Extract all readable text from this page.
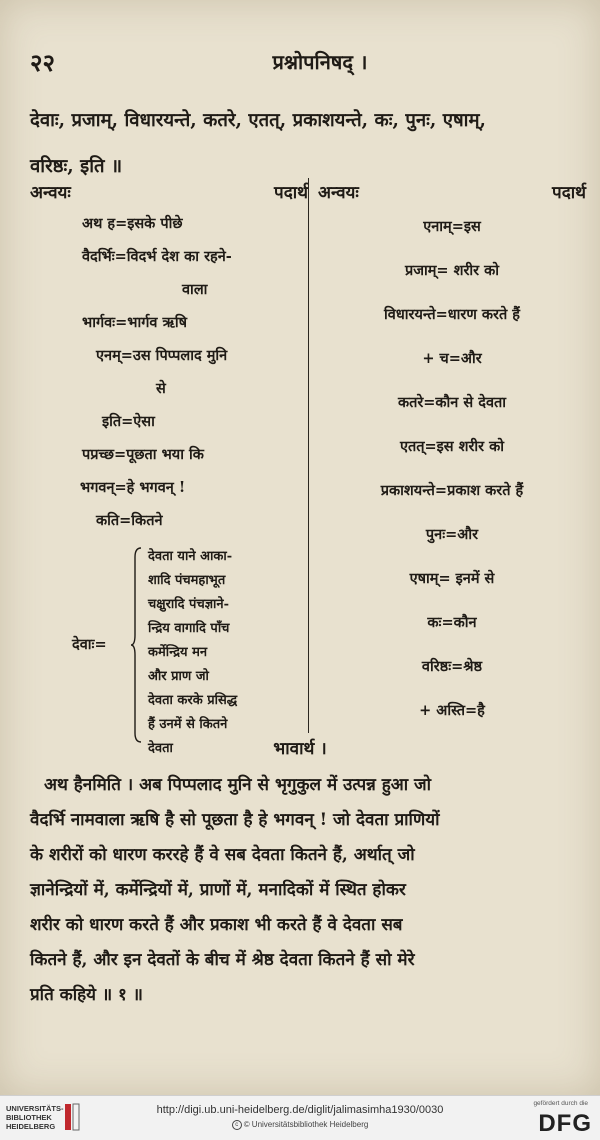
२२	प्रश्नोपनिषद् ।
देवाः, प्रजाम्, विधारयन्ते, कतरे, एतत्, प्रकाशयन्ते, कः, पुनः, एषाम्,
वरिष्ठः, इति ॥
अन्वयः	पदार्थ
अथ ह=इसके पीछे
वैदर्भिः=विदर्भ देश का रहने-
वाला
भार्गवः=भार्गव ऋषि
एनम्=उस पिप्पलाद मुनि
से
इति=ऐसा
पप्रच्छ=पूछता भया कि
भगवन्=हे भगवन् !
कति=कितने
देवाः=
देवता याने आका-
शादि पंचमहाभूत
चक्षुरादि पंचज्ञाने-
न्द्रिय वागादि पाँच
कर्मेन्द्रिय मन
और प्राण जो
देवता करके प्रसिद्ध
हैं उनमें से कितने
देवता
अन्वयः	पदार्थ
एनाम्=इस
प्रजाम्= शरीर को
विधारयन्ते=धारण करते हैं
+ च=और
कतरे=कौन से देवता
एतत्=इस शरीर को
प्रकाशयन्ते=प्रकाश करते हैं
पुनः=और
एषाम्= इनमें से
कः=कौन
वरिष्ठः=श्रेष्ठ
+ अस्ति=है
भावार्थ ।
अथ हैनमिति । अब पिप्पलाद मुनि से भृगुकुल में उत्पन्न हुआ जो
वैदर्भि नामवाला ऋषि है सो पूछता है हे भगवन् ! जो देवता प्राणियों
के शरीरों को धारण कररहे हैं वे सब देवता कितने हैं, अर्थात् जो
ज्ञानेन्द्रियों में, कर्मेन्द्रियों में, प्राणों में, मनादिकों में स्थित होकर
शरीर को धारण करते हैं और प्रकाश भी करते हैं वे देवता सब
कितने हैं, और इन देवतों के बीच में श्रेष्ठ देवता कितने हैं सो मेरे
प्रति कहिये ॥ १ ॥
UNIVERSITÄTS-
BIBLIOTHEK
HEIDELBERG
http://digi.ub.uni-heidelberg.de/diglit/jalimasimha1930/0030
c © Universitätsbibliothek Heidelberg
gefördert durch die
DFG
